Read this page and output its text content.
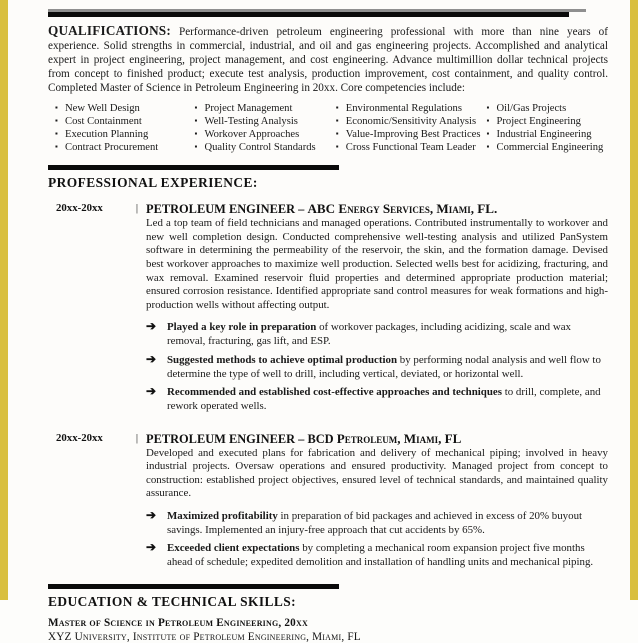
QUALIFICATIONS: Performance-driven petroleum engineering professional with more than nine years of experience. Solid strengths in commercial, industrial, and oil and gas engineering projects. Accomplished and analytical expert in project engineering, project management, and cost engineering. Advance multimillion dollar technical projects from concept to finished product; execute test analysis, production improvement, cost containment, and quality control. Completed Master of Science in Petroleum Engineering in 20xx. Core competencies include:

▪ New Well Design
▪ Cost Containment
▪ Execution Planning
▪ Contract Procurement
▪ Project Management
▪ Well-Testing Analysis
▪ Workover Approaches
▪ Quality Control Standards
▪ Environmental Regulations
▪ Economic/Sensitivity Analysis
▪ Value-Improving Best Practices
▪ Cross Functional Team Leader
▪ Oil/Gas Projects
▪ Project Engineering
▪ Industrial Engineering
▪ Commercial Engineering
PROFESSIONAL EXPERIENCE:
20xx-20xx	| PETROLEUM ENGINEER – ABC Energy Services, Miami, FL.

Led a top team of field technicians and managed operations. Contributed instrumentally to workover and new well completion design. Conducted comprehensive well-testing analysis and utilized PanSystem software in determining the permeability of the reservoir, the skin, and the formation damage. Devised best workover approaches to maximize well production. Selected wells best for acidizing, fracturing, and wax removal. Examined reservoir fluid properties and determined appropriate production material; ensured corrosion resistance. Identified appropriate sand control measures for weak formations and high-production wells without affecting output.

➔ Played a key role in preparation of workover packages, including acidizing, scale and wax removal, fracturing, gas lift, and ESP.
➔ Suggested methods to achieve optimal production by performing nodal analysis and well flow to determine the type of well to drill, including vertical, deviated, or horizontal well.
➔ Recommended and established cost-effective approaches and techniques to drill, complete, and rework operated wells.
20xx-20xx	| PETROLEUM ENGINEER – BCD Petroleum, Miami, FL

Developed and executed plans for fabrication and delivery of mechanical piping; involved in heavy industrial projects. Oversaw operations and ensured productivity. Managed project from concept to construction: established project objectives, ensured level of technical standards, and maintained quality assurance.

➔ Maximized profitability in preparation of bid packages and achieved in excess of 20% buyout savings. Implemented an injury-free approach that cut accidents by 65%.
➔ Exceeded client expectations by completing a mechanical room expansion project five months ahead of schedule; expedited demolition and installation of handling units and mechanical piping.
EDUCATION & TECHNICAL SKILLS:
Master of Science in Petroleum Engineering, 20xx
XYZ University, Institute of Petroleum Engineering, Miami, FL
